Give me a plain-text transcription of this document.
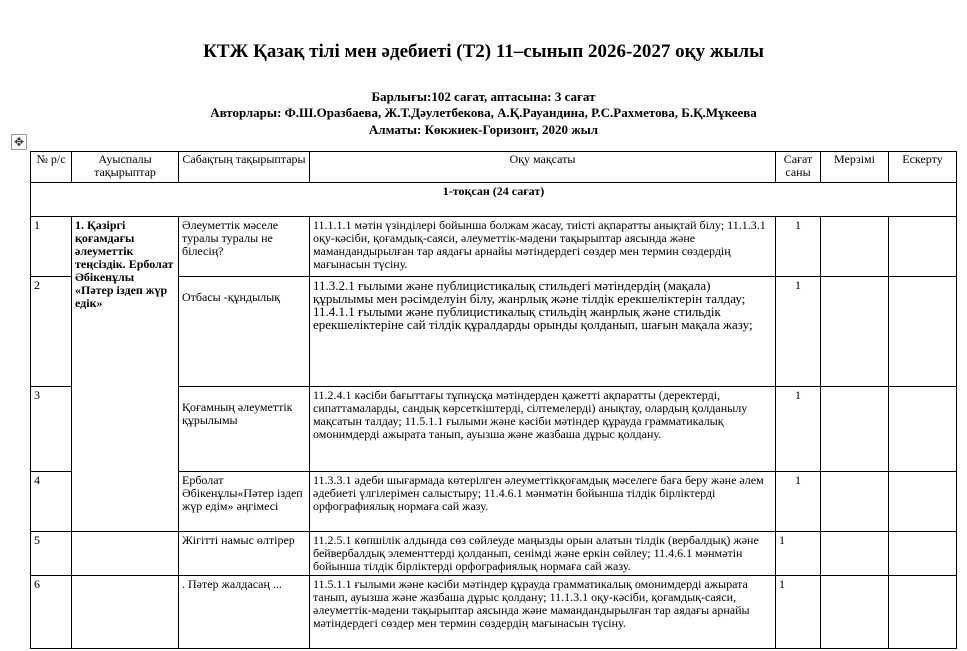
КТЖ Қазақ тілі мен әдебиеті (Т2) 11–сынып 2026-2027 оқу жылы
Барлығы:102 сағат, аптасына: 3 сағат
Авторлары: Ф.Ш.Оразбаева, Ж.Т.Дәулетбекова, А.Қ.Рауандина, Р.С.Рахметова, Б.Қ.Мұкеева
Алматы: Көкжиек-Горизонт, 2020 жыл
✥
№ р/с	Ауыспалы тақырыптар	Сабақтың тақырыптары	Оқу мақсаты	Сағат саны	Мерзімі	Ескерту
1-тоқсан (24 сағат)						
1	1. Қазіргі қоғамдағы әлеуметтік теңсіздік. Ерболат Әбікенұлы «Пәтер іздеп жүр едік»	Әлеуметтік мәселе туралы туралы не білесің?	11.1.1.1 мәтін үзінділері бойынша болжам жасау, тиісті ақпаратты анықтай білу; 11.1.3.1 оқу-кәсіби, қоғамдық-саяси, әлеуметтік-мәдени тақырыптар аясында және мамандандырылған тар аядағы арнайы мәтіндердегі сөздер мен термин сөздердің мағынасын түсіну.	1		
2		Отбасы -құндылық	11.3.2.1 ғылыми және публицистикалық стильдегі мәтіндердің (мақала) құрылымы мен рәсімделуін білу, жанрлық және тілдік ерекшеліктерін талдау; 11.4.1.1 ғылыми және публицистикалық стильдің жанрлық және стильдік ерекшеліктеріне сай тілдік құралдарды орынды қолданып, шағын мақала жазу;	1		
3		Қоғамның әлеуметтік құрылымы	11.2.4.1 кәсіби бағыттағы тұпнұсқа мәтіндерден қажетті ақпаратты (деректерді, сипаттамаларды, сандық көрсеткіштерді, сілтемелерді) анықтау, олардың қолданылу мақсатын талдау; 11.5.1.1 ғылыми және кәсіби мәтіндер құрауда грамматикалық омонимдерді ажырата танып, ауызша және жазбаша дұрыс қолдану.	1		
4		Ерболат Әбікенұлы«Пәтер іздеп жүр едім» әңгімесі	11.3.3.1 әдеби шығармада көтерілген әлеуметтікқоғамдық мәселеге баға беру және әлем әдебиеті үлгілерімен салыстыру; 11.4.6.1 мәнмәтін бойынша тілдік бірліктерді орфографиялық нормаға сай жазу.	1		
5		Жігітті намыс өлтірер	11.2.5.1 көпшілік алдында сөз сөйлеуде маңызды орын алатын тілдік (вербалдық) және бейвербалдық элементтерді қолданып, сенімді және еркін сөйлеу; 11.4.6.1 мәнмәтін бойынша тілдік бірліктерді орфографиялық нормаға сай жазу.	1		
6		. Пәтер жалдасаң ...	11.5.1.1 ғылыми және кәсіби мәтіндер құрауда грамматикалық омонимдерді ажырата танып, ауызша және жазбаша дұрыс қолдану; 11.1.3.1 оқу-кәсіби, қоғамдық-саяси, әлеуметтік-мәдени тақырыптар аясында және мамандандырылған тар аядағы арнайы мәтіндердегі сөздер мен термин сөздердің мағынасын түсіну.	1		
